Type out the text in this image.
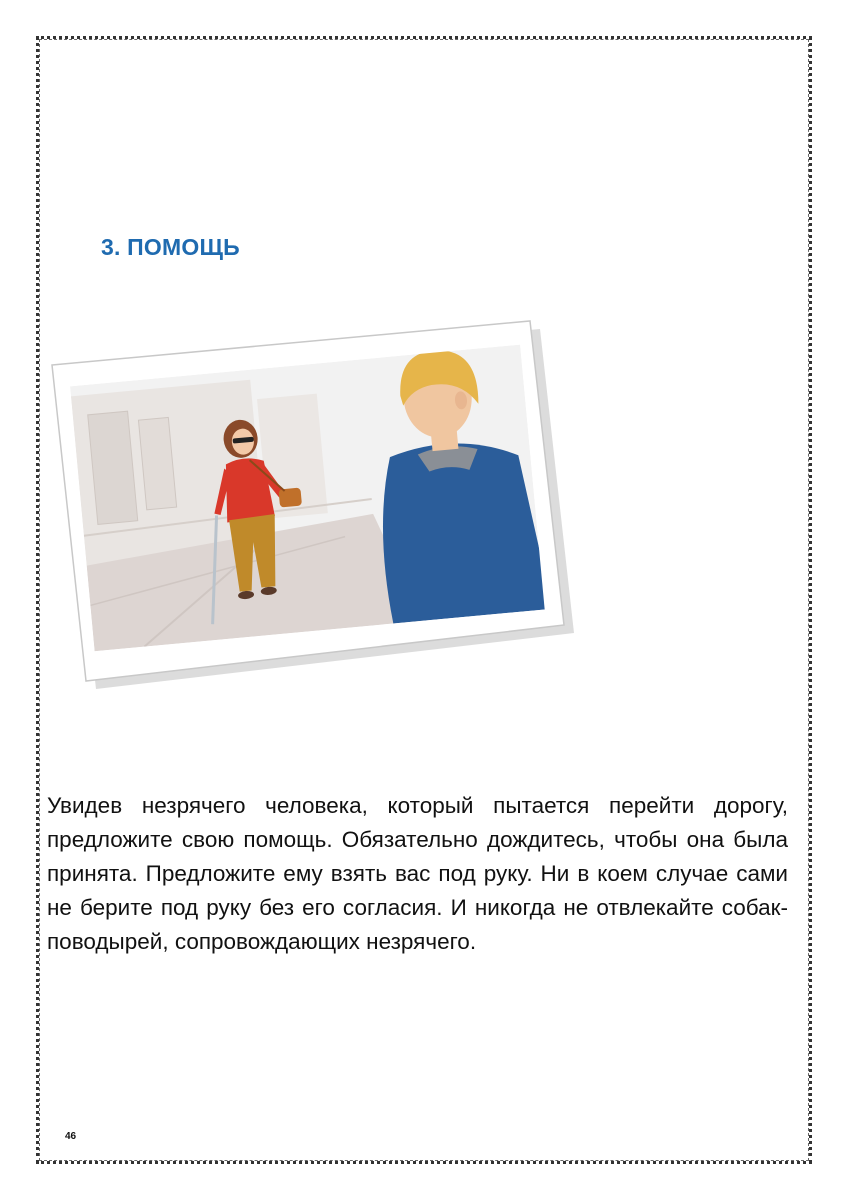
3. ПОМОЩЬ
Увидев незрячего человека, который пытается перейти дорогу, предложите свою помощь. Обязательно дождитесь, чтобы она была принята. Предложите ему взять вас под руку. Ни в коем случае сами не берите под руку без его согласия. И никогда не отвлекайте собак-поводырей, сопровождающих незрячего.
46
